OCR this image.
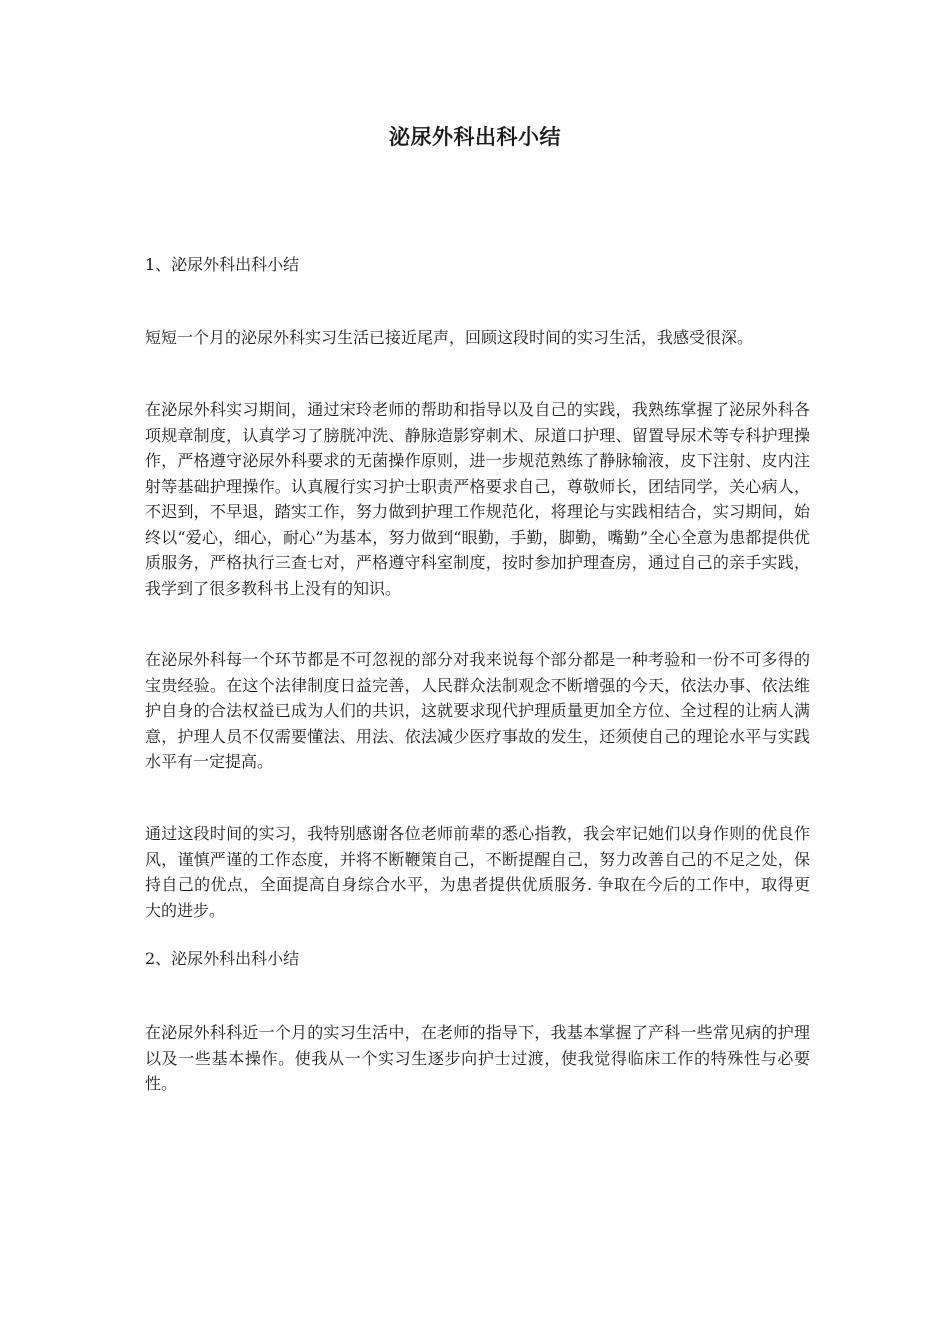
泌尿外科出科小结
1、泌尿外科出科小结

短短一个月的泌尿外科实习生活已接近尾声，回顾这段时间的实习生活，我感受很深。

在泌尿外科实习期间，通过宋玲老师的帮助和指导以及自己的实践，我熟练掌握了泌尿外科各项规章制度，认真学习了膀胱冲洗、静脉造影穿刺术、尿道口护理、留置导尿术等专科护理操作，严格遵守泌尿外科要求的无菌操作原则，进一步规范熟练了静脉输液，皮下注射、皮内注射等基础护理操作。认真履行实习护士职责严格要求自己，尊敬师长，团结同学，关心病人，不迟到，不早退，踏实工作，努力做到护理工作规范化，将理论与实践相结合，实习期间，始终以“爱心，细心，耐心”为基本，努力做到“眼勤，手勤，脚勤，嘴勤”全心全意为患都提供优质服务，严格执行三查七对，严格遵守科室制度，按时参加护理查房，通过自己的亲手实践，我学到了很多教科书上没有的知识。

在泌尿外科每一个环节都是不可忽视的部分对我来说每个部分都是一种考验和一份不可多得的宝贵经验。在这个法律制度日益完善，人民群众法制观念不断增强的今天，依法办事、依法维护自身的合法权益已成为人们的共识，这就要求现代护理质量更加全方位、全过程的让病人满意，护理人员不仅需要懂法、用法、依法减少医疗事故的发生，还须使自己的理论水平与实践水平有一定提高。

通过这段时间的实习，我特别感谢各位老师前辈的悉心指教，我会牢记她们以身作则的优良作风，谨慎严谨的工作态度，并将不断鞭策自己，不断提醒自己，努力改善自己的不足之处，保持自己的优点，全面提高自身综合水平，为患者提供优质服务. 争取在今后的工作中，取得更大的进步。

2、泌尿外科出科小结

在泌尿外科科近一个月的实习生活中，在老师的指导下，我基本掌握了产科一些常见病的护理以及一些基本操作。使我从一个实习生逐步向护士过渡，使我觉得临床工作的特殊性与必要性。
